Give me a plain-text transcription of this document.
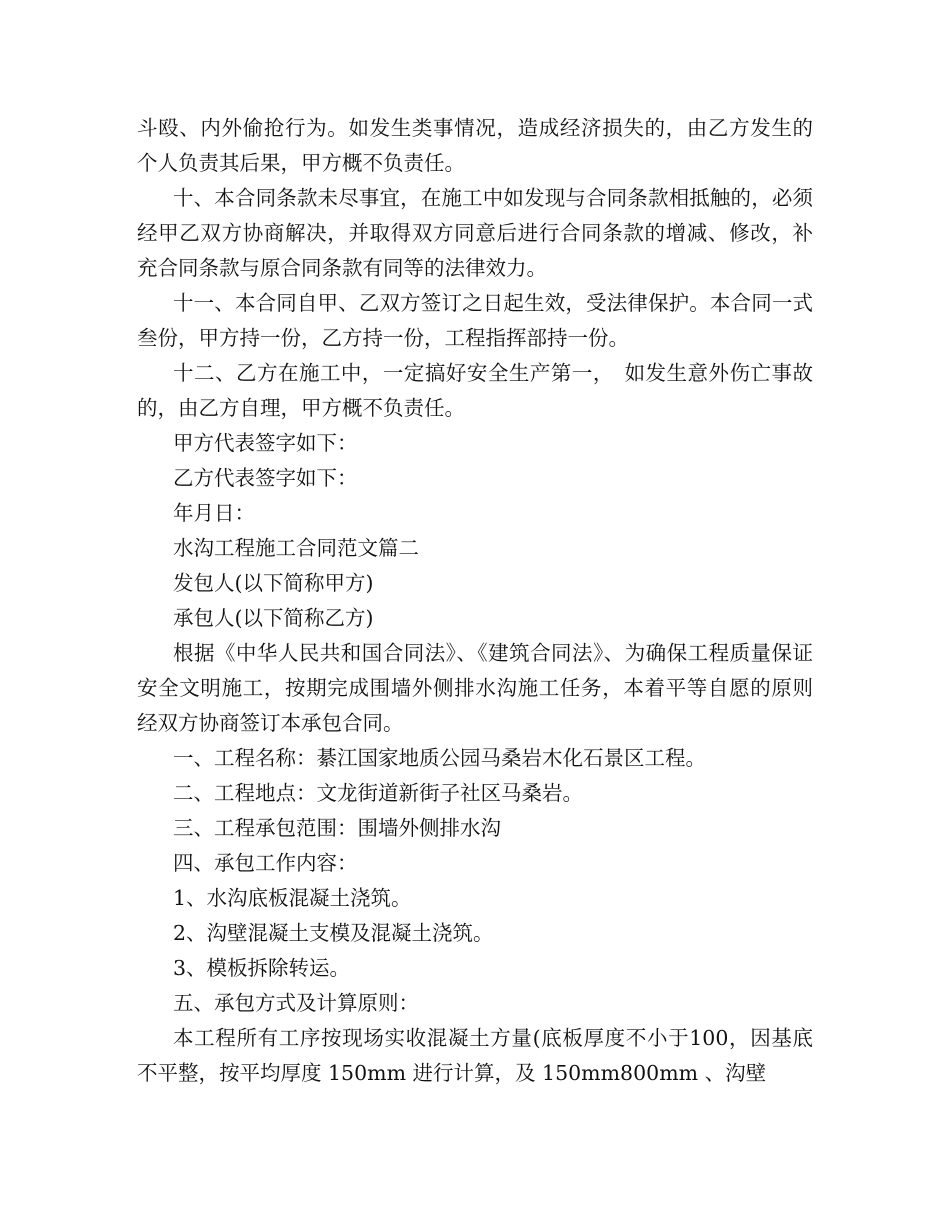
斗殴、内外偷抢行为。如发生类事情况，造成经济损失的，由乙方发生的个人负责其后果，甲方概不负责任。

十、本合同条款未尽事宜，在施工中如发现与合同条款相抵触的，必须经甲乙双方协商解决，并取得双方同意后进行合同条款的增减、修改，补充合同条款与原合同条款有同等的法律效力。

十一、本合同自甲、乙双方签订之日起生效，受法律保护。本合同一式叁份，甲方持一份，乙方持一份，工程指挥部持一份。

十二、乙方在施工中，一定搞好安全生产第一，　如发生意外伤亡事故的，由乙方自理，甲方概不负责任。

甲方代表签字如下：

乙方代表签字如下：

年月日：

水沟工程施工合同范文篇二

发包人(以下简称甲方)

承包人(以下简称乙方)

根据《中华人民共和国合同法》、《建筑合同法》、为确保工程质量保证安全文明施工，按期完成围墙外侧排水沟施工任务，本着平等自愿的原则经双方协商签订本承包合同。

一、工程名称：綦江国家地质公园马桑岩木化石景区工程。

二、工程地点：文龙街道新街子社区马桑岩。

三、工程承包范围：围墙外侧排水沟

四、承包工作内容：

1、水沟底板混凝土浇筑。

2、沟壁混凝土支模及混凝土浇筑。

3、模板拆除转运。

五、承包方式及计算原则：

本工程所有工序按现场实收混凝土方量(底板厚度不小于100，因基底不平整，按平均厚度 150mm 进行计算，及 150mm800mm 、沟壁
